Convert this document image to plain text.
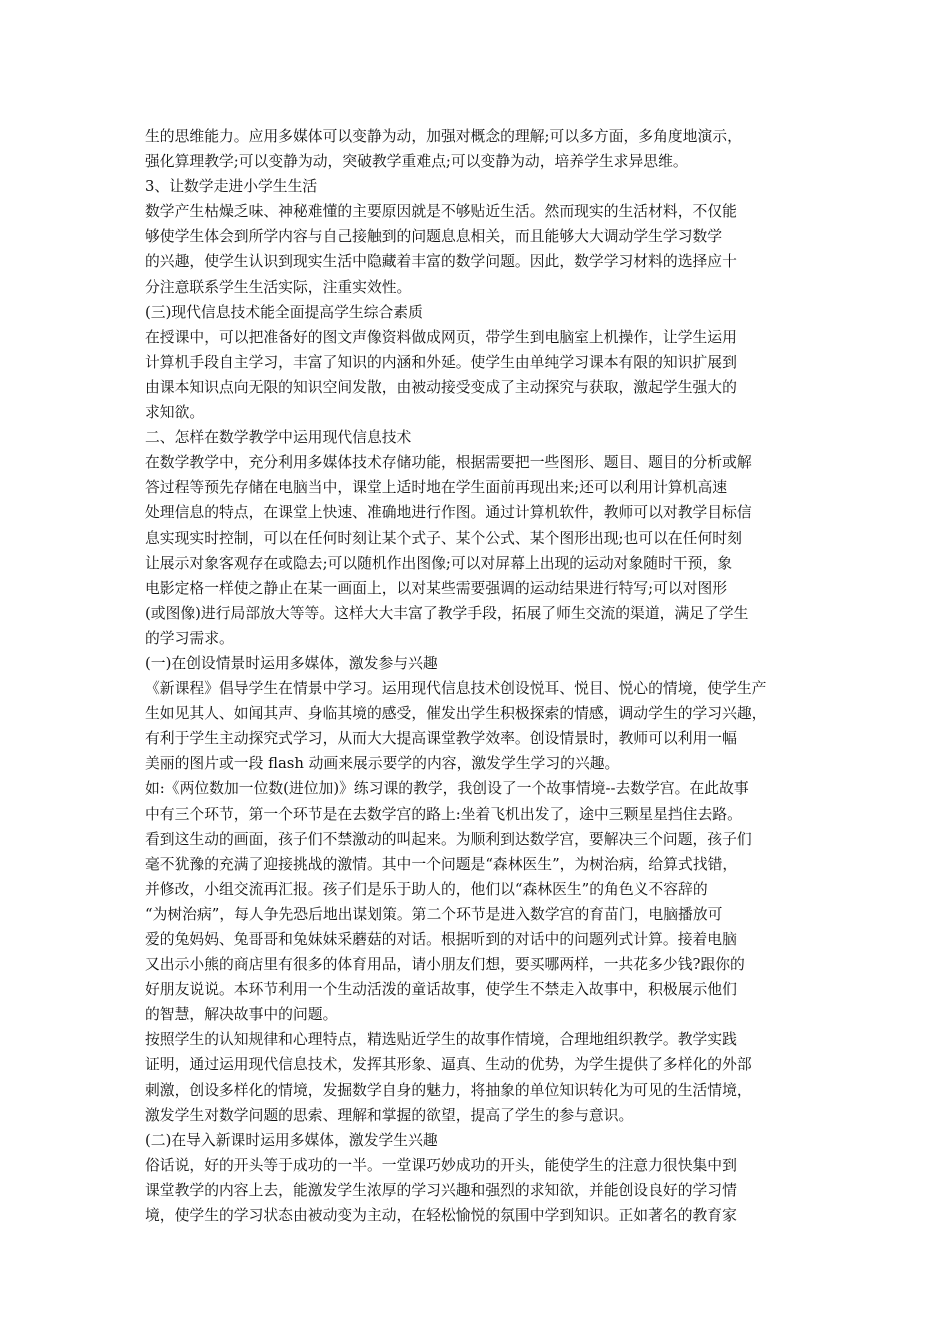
生的思维能力。应用多媒体可以变静为动，加强对概念的理解;可以多方面，多角度地演示，
强化算理教学;可以变静为动，突破教学重难点;可以变静为动，培养学生求异思维。
3、让数学走进小学生生活
数学产生枯燥乏味、神秘难懂的主要原因就是不够贴近生活。然而现实的生活材料，不仅能
够使学生体会到所学内容与自己接触到的问题息息相关，而且能够大大调动学生学习数学
的兴趣，使学生认识到现实生活中隐藏着丰富的数学问题。因此，数学学习材料的选择应十
分注意联系学生生活实际，注重实效性。
(三)现代信息技术能全面提高学生综合素质
在授课中，可以把准备好的图文声像资料做成网页，带学生到电脑室上机操作，让学生运用
计算机手段自主学习，丰富了知识的内涵和外延。使学生由单纯学习课本有限的知识扩展到
由课本知识点向无限的知识空间发散，由被动接受变成了主动探究与获取，激起学生强大的
求知欲。
二、怎样在数学教学中运用现代信息技术
在数学教学中，充分利用多媒体技术存储功能，根据需要把一些图形、题目、题目的分析或解
答过程等预先存储在电脑当中，课堂上适时地在学生面前再现出来;还可以利用计算机高速
处理信息的特点，在课堂上快速、准确地进行作图。通过计算机软件，教师可以对教学目标信
息实现实时控制，可以在任何时刻让某个式子、某个公式、某个图形出现;也可以在任何时刻
让展示对象客观存在或隐去;可以随机作出图像;可以对屏幕上出现的运动对象随时干预，象
电影定格一样使之静止在某一画面上，以对某些需要强调的运动结果进行特写;可以对图形
(或图像)进行局部放大等等。这样大大丰富了教学手段，拓展了师生交流的渠道，满足了学生
的学习需求。
(一)在创设情景时运用多媒体，激发参与兴趣
《新课程》倡导学生在情景中学习。运用现代信息技术创设悦耳、悦目、悦心的情境，使学生产
生如见其人、如闻其声、身临其境的感受，催发出学生积极探索的情感，调动学生的学习兴趣，
有利于学生主动探究式学习，从而大大提高课堂教学效率。创设情景时，教师可以利用一幅
美丽的图片或一段 flash 动画来展示要学的内容，激发学生学习的兴趣。
如:《两位数加一位数(进位加)》练习课的教学，我创设了一个故事情境--去数学宫。在此故事
中有三个环节，第一个环节是在去数学宫的路上:坐着飞机出发了，途中三颗星星挡住去路。
看到这生动的画面，孩子们不禁激动的叫起来。为顺利到达数学宫，要解决三个问题，孩子们
毫不犹豫的充满了迎接挑战的激情。其中一个问题是“森林医生”，为树治病，给算式找错，
并修改，小组交流再汇报。孩子们是乐于助人的，他们以“森林医生”的角色义不容辞的
“为树治病”，每人争先恐后地出谋划策。第二个环节是进入数学宫的育苗门，电脑播放可
爱的兔妈妈、兔哥哥和兔妹妹采蘑菇的对话。根据听到的对话中的问题列式计算。接着电脑
又出示小熊的商店里有很多的体育用品，请小朋友们想，要买哪两样，一共花多少钱?跟你的
好朋友说说。本环节利用一个生动活泼的童话故事，使学生不禁走入故事中，积极展示他们
的智慧，解决故事中的问题。
按照学生的认知规律和心理特点，精选贴近学生的故事作情境，合理地组织教学。教学实践
证明，通过运用现代信息技术，发挥其形象、逼真、生动的优势，为学生提供了多样化的外部
刺激，创设多样化的情境，发掘数学自身的魅力，将抽象的单位知识转化为可见的生活情境，
激发学生对数学问题的思索、理解和掌握的欲望，提高了学生的参与意识。
(二)在导入新课时运用多媒体，激发学生兴趣
俗话说，好的开头等于成功的一半。一堂课巧妙成功的开头，能使学生的注意力很快集中到
课堂教学的内容上去，能激发学生浓厚的学习兴趣和强烈的求知欲，并能创设良好的学习情
境，使学生的学习状态由被动变为主动，在轻松愉悦的氛围中学到知识。正如著名的教育家
